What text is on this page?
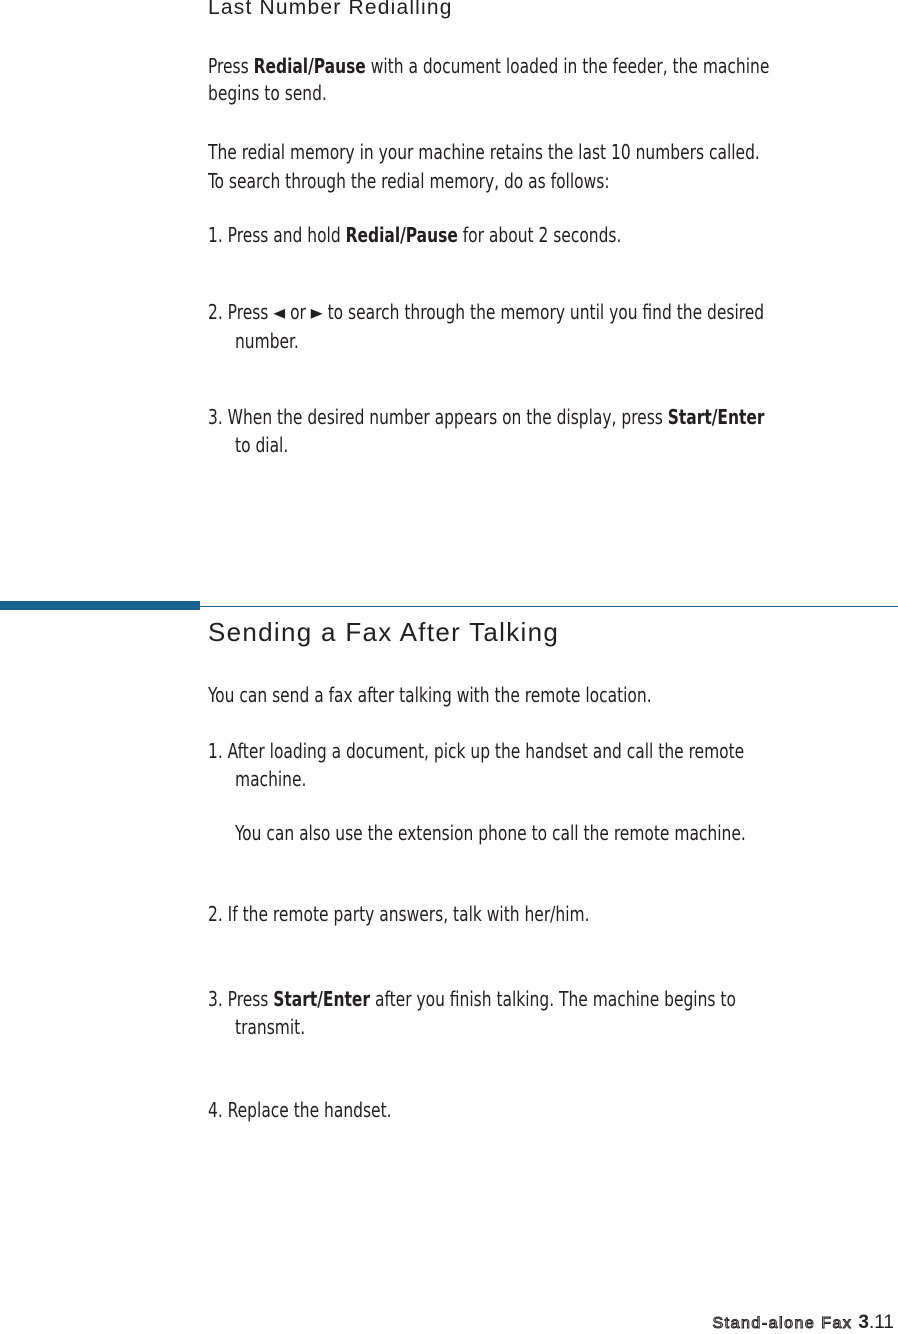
Last Number Redialling

Press Redial/Pause with a document loaded in the feeder, the machine

begins to send.

The redial memory in your machine retains the last 10 numbers called.

To search through the redial memory, do as follows:

1. Press and hold Redial/Pause for about 2 seconds.

2. Press ◄ or ► to search through the memory until you find the desired

number.

3. When the desired number appears on the display, press Start/Enter

to dial.

Sending a Fax After Talking

You can send a fax after talking with the remote location.

1. After loading a document, pick up the handset and call the remote

machine.

You can also use the extension phone to call the remote machine.

2. If the remote party answers, talk with her/him.

3. Press Start/Enter after you finish talking. The machine begins to

transmit.

4. Replace the handset.

Stand-alone Fax 3.11
